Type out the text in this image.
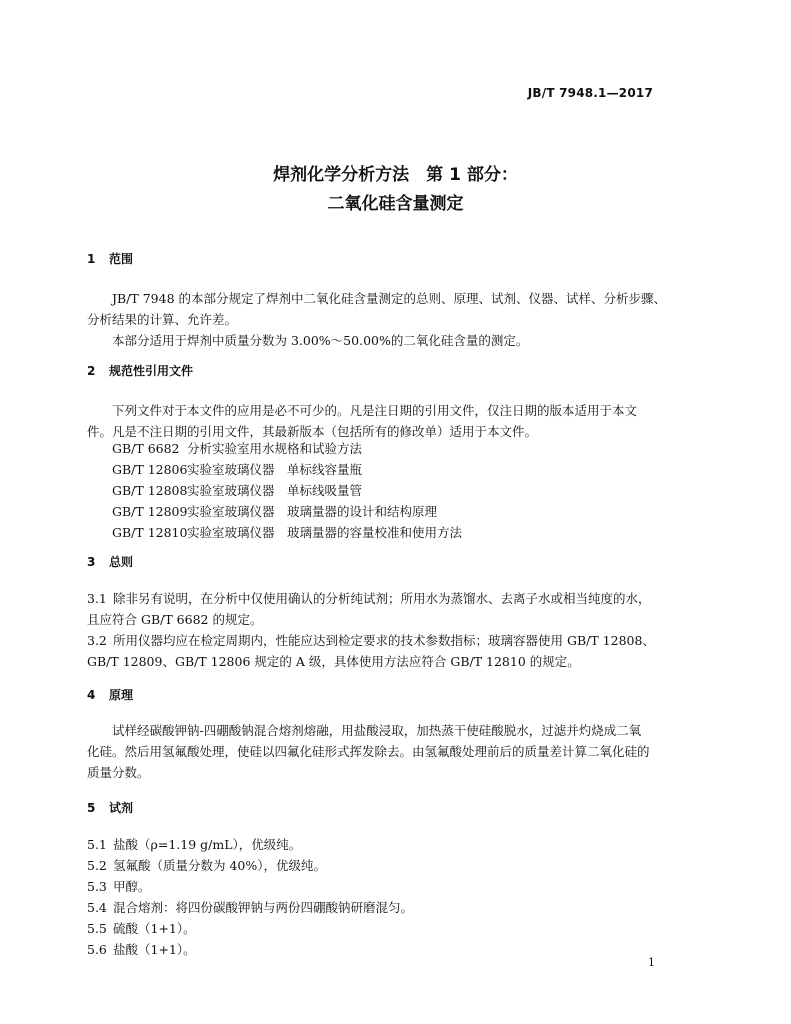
JB/T 7948.1—2017
焊剂化学分析方法　第 1 部分：
二氧化硅含量测定
1 范围
JB/T 7948 的本部分规定了焊剂中二氧化硅含量测定的总则、原理、试剂、仪器、试样、分析步骤、
分析结果的计算、允许差。
本部分适用于焊剂中质量分数为 3.00%～50.00%的二氧化硅含量的测定。
2 规范性引用文件
下列文件对于本文件的应用是必不可少的。凡是注日期的引用文件，仅注日期的版本适用于本文
件。凡是不注日期的引用文件，其最新版本（包括所有的修改单）适用于本文件。
GB/T 6682 分析实验室用水规格和试验方法
GB/T 12806实验室玻璃仪器　单标线容量瓶
GB/T 12808实验室玻璃仪器　单标线吸量管
GB/T 12809实验室玻璃仪器　玻璃量器的设计和结构原理
GB/T 12810实验室玻璃仪器　玻璃量器的容量校准和使用方法
3 总则
3.1 除非另有说明，在分析中仅使用确认的分析纯试剂；所用水为蒸馏水、去离子水或相当纯度的水，
且应符合 GB/T 6682 的规定。
3.2 所用仪器均应在检定周期内，性能应达到检定要求的技术参数指标；玻璃容器使用 GB/T 12808、
GB/T 12809、GB/T 12806 规定的 A 级，具体使用方法应符合 GB/T 12810 的规定。
4 原理
试样经碳酸钾钠-四硼酸钠混合熔剂熔融，用盐酸浸取，加热蒸干使硅酸脱水，过滤并灼烧成二氧
化硅。然后用氢氟酸处理，使硅以四氟化硅形式挥发除去。由氢氟酸处理前后的质量差计算二氧化硅的
质量分数。
5 试剂
5.1 盐酸（ρ=1.19 g/mL），优级纯。
5.2 氢氟酸（质量分数为 40%），优级纯。
5.3 甲醇。
5.4 混合熔剂：将四份碳酸钾钠与两份四硼酸钠研磨混匀。
5.5 硫酸（1+1）。
5.6 盐酸（1+1）。
1
